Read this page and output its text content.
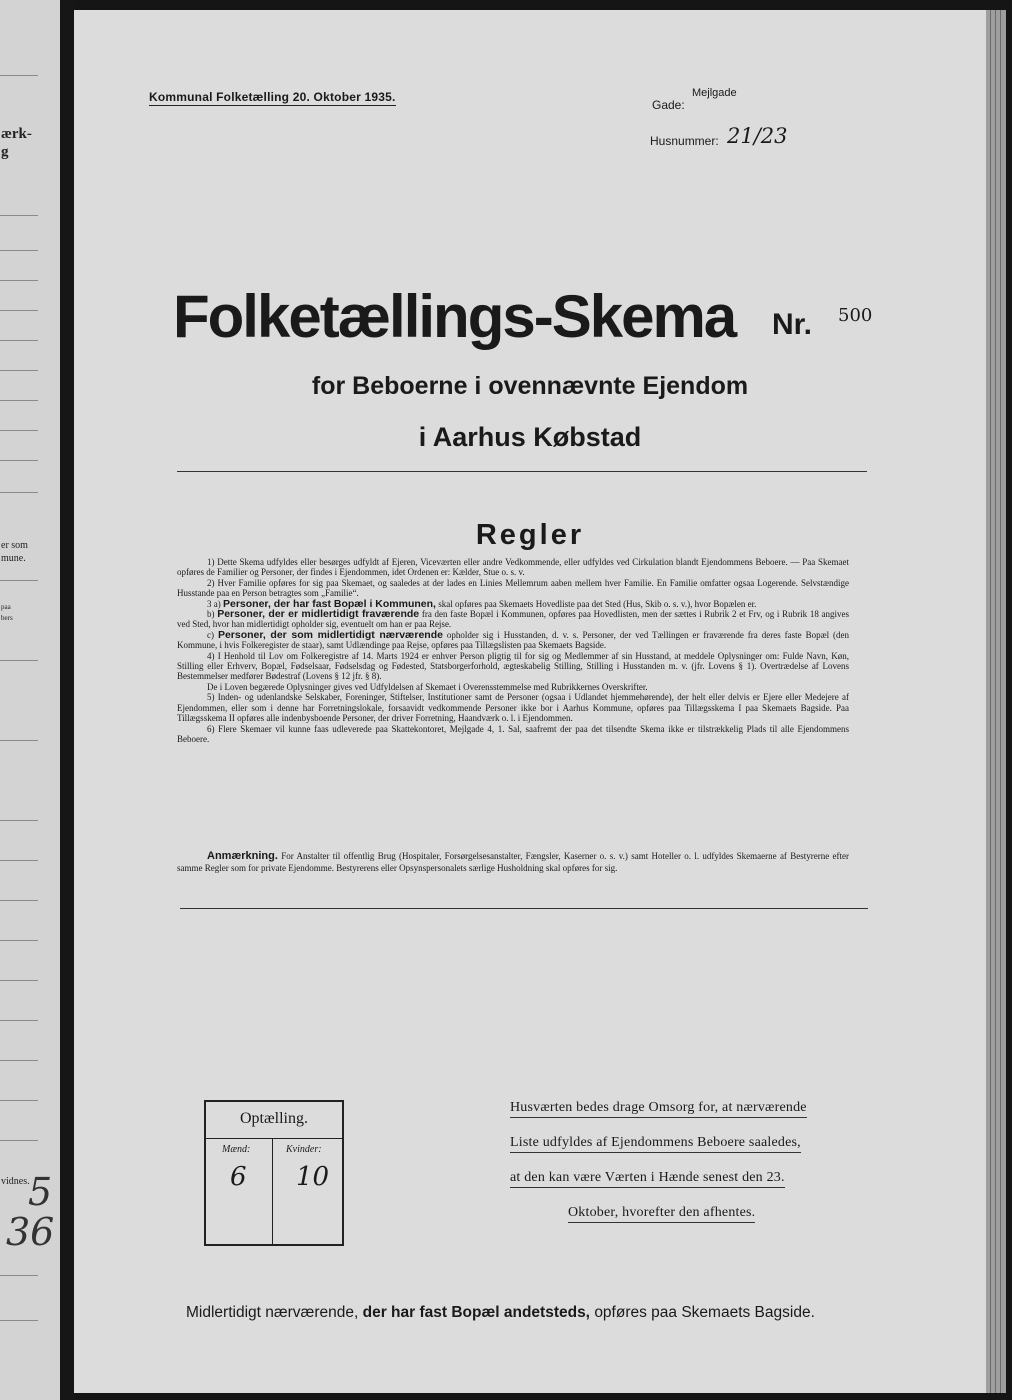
ærk-
g
er som
mune.
paa
bers
vidnes.
5
36
Kommunal Folketælling 20. Oktober 1935.	Mejlgade
Gade:
Husnummer: 21/23
Folketællings-Skema Nr. 500
for Beboerne i ovennævnte Ejendom
i Aarhus Købstad
Regler

1) Dette Skema udfyldes eller besørges udfyldt af Ejeren, Viceværten eller andre Vedkommende, eller udfyldes ved Cirkulation blandt Ejendommens Beboere. — Paa Skemaet opføres de Familier og Personer, der findes i Ejendommen, idet Ordenen er: Kælder, Stue o. s. v.

2) Hver Familie opføres for sig paa Skemaet, og saaledes at der lades en Linies Mellemrum aaben mellem hver Familie. En Familie omfatter ogsaa Logerende. Selvstændige Husstande paa en Person betragtes som „Familie“.

3 a) Personer, der har fast Bopæl i Kommunen, skal opføres paa Skemaets Hovedliste paa det Sted (Hus, Skib o. s. v.), hvor Bopælen er.

b) Personer, der er midlertidigt fraværende fra den faste Bopæl i Kommunen, opføres paa Hovedlisten, men der sættes i Rubrik 2 et Frv, og i Rubrik 18 angives ved Sted, hvor han midlertidigt opholder sig, eventuelt om han er paa Rejse.

c) Personer, der som midlertidigt nærværende opholder sig i Husstanden, d. v. s. Personer, der ved Tællingen er fraværende fra deres faste Bopæl (den Kommune, i hvis Folkeregister de staar), samt Udlændinge paa Rejse, opføres paa Tillægslisten paa Skemaets Bagside.

4) I Henhold til Lov om Folkeregistre af 14. Marts 1924 er enhver Person pligtig til for sig og Medlemmer af sin Husstand, at meddele Oplysninger om: Fulde Navn, Køn, Stilling eller Erhverv, Bopæl, Fødselsaar, Fødselsdag og Fødested, Statsborgerforhold, ægteskabelig Stilling, Stilling i Husstanden m. v. (jfr. Lovens § 1). Overtrædelse af Lovens Bestemmelser medfører Bødestraf (Lovens § 12 jfr. § 8).

De i Loven begærede Oplysninger gives ved Udfyldelsen af Skemaet i Overensstemmelse med Rubrikkernes Overskrifter.

5) Inden- og udenlandske Selskaber, Foreninger, Stiftelser, Institutioner samt de Personer (ogsaa i Udlandet hjemmehørende), der helt eller delvis er Ejere eller Medejere af Ejendommen, eller som i denne har Forretningslokale, forsaavidt vedkommende Personer ikke bor i Aarhus Kommune, opføres paa Tillægsskema I paa Skemaets Bagside. Paa Tillægsskema II opføres alle indenbysboende Personer, der driver Forretning, Haandværk o. l. i Ejendommen.

6) Flere Skemaer vil kunne faas udleverede paa Skattekontoret, Mejlgade 4, 1. Sal, saafremt der paa det tilsendte Skema ikke er tilstrækkelig Plads til alle Ejendommens Beboere.

Anmærkning. For Anstalter til offentlig Brug (Hospitaler, Forsørgelsesanstalter, Fængsler, Kaserner o. s. v.) samt Hoteller o. l. udfyldes Skemaerne af Bestyrerne efter samme Regler som for private Ejendomme. Bestyrerens eller Opsynspersonalets særlige Husholdning skal opføres for sig.
Optælling.
Mænd:	Kvinder:
6 10
Husværten bedes drage Omsorg for, at nærværende
Liste udfyldes af Ejendommens Beboere saaledes,
at den kan være Værten i Hænde senest den 23.
Oktober, hvorefter den afhentes.
Midlertidigt nærværende, der har fast Bopæl andetsteds, opføres paa Skemaets Bagside.
